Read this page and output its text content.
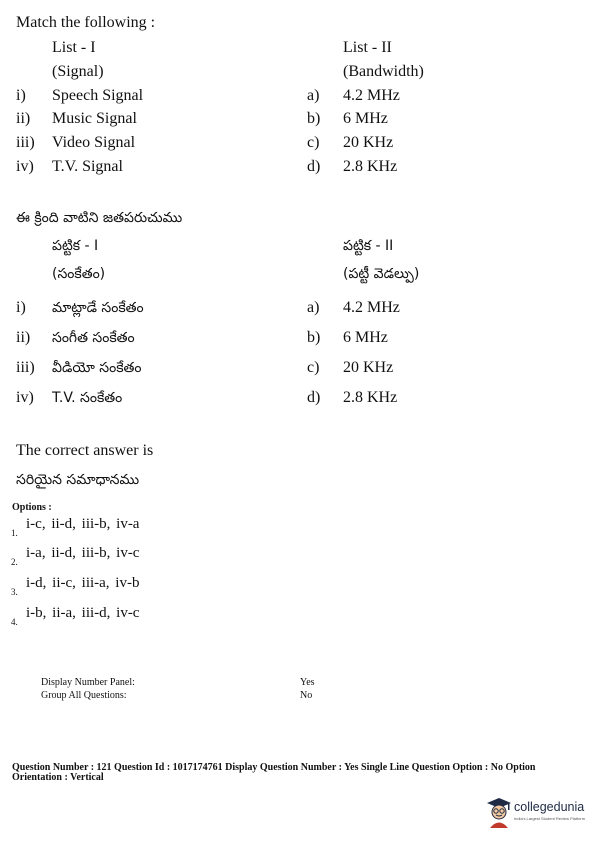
Match the following :
List - I
(Signal)
List - II
(Bandwidth)
i) Speech Signal	a) 4.2 MHz
ii) Music Signal	b) 6 MHz
iii) Video Signal	c) 20 KHz
iv) T.V. Signal	d) 2.8 KHz
ఈ క్రింది వాటిని జతపరుచుము
పట్టిక - I
(సంకేతం)
పట్టిక - II
(పట్టీ వెడల్పు)
i) మాట్లాడే సంకేతం	a) 4.2 MHz
ii) సంగీత సంకేతం	b) 6 MHz
iii) వీడియో సంకేతం	c) 20 KHz
iv) T.V. సంకేతం	d) 2.8 KHz
The correct answer is
సరియైన సమాధానము
Options :
1.
i-c, ii-d, iii-b, iv-a
2.
i-a, ii-d, iii-b, iv-c
3.
i-d, ii-c, iii-a, iv-b
4.
i-b, ii-a, iii-d, iv-c
Display Number Panel:	Yes
Group All Questions:	No
Question Number : 121 Question Id : 1017174761 Display Question Number : Yes Single Line Question Option : No Option
Orientation : Vertical
collegedunia
India's Largest Student Review Platform
